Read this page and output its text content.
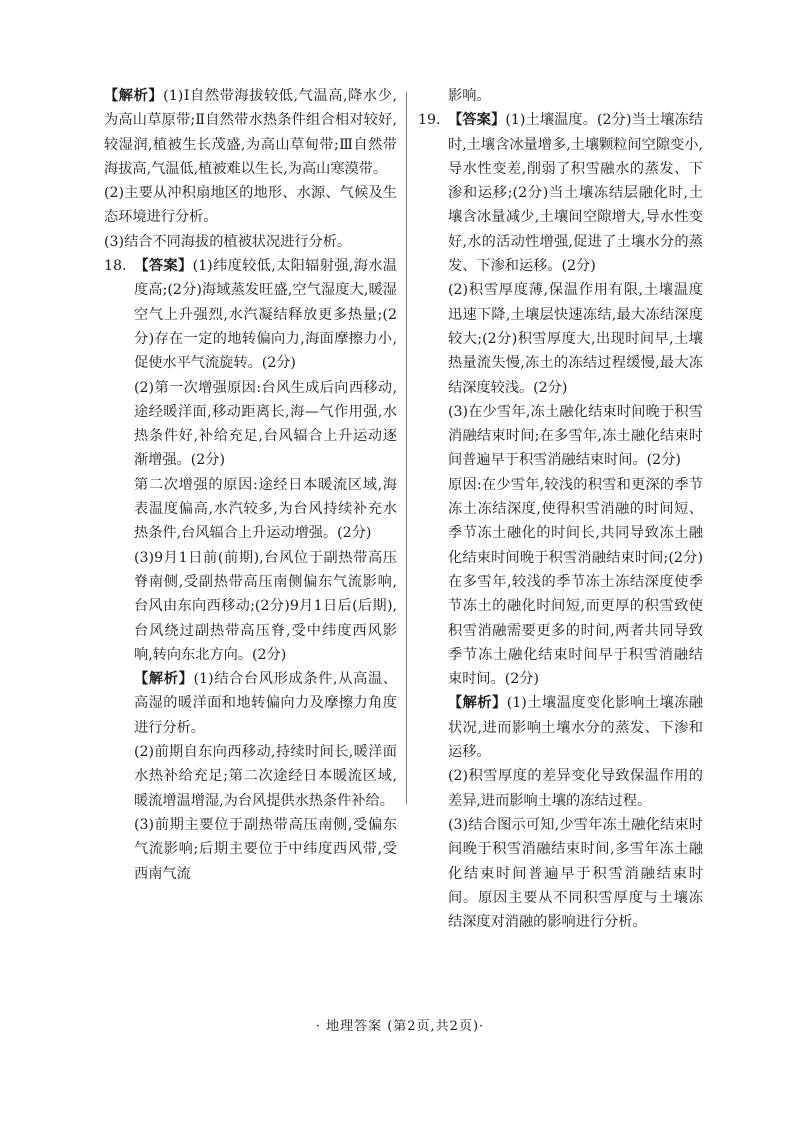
【解析】(1)Ⅰ自然带海拔较低,气温高,降水少,为高山草原带;Ⅱ自然带水热条件组合相对较好,较湿润,植被生长茂盛,为高山草甸带;Ⅲ自然带海拔高,气温低,植被难以生长,为高山寒漠带。

(2)主要从冲积扇地区的地形、水源、气候及生态环境进行分析。

(3)结合不同海拔的植被状况进行分析。

18. 【答案】(1)纬度较低,太阳辐射强,海水温度高;(2分)海域蒸发旺盛,空气湿度大,暖湿空气上升强烈,水汽凝结释放更多热量;(2分)存在一定的地转偏向力,海面摩擦力小,促使水平气流旋转。(2分)

(2)第一次增强原因:台风生成后向西移动,途经暖洋面,移动距离长,海—气作用强,水热条件好,补给充足,台风辐合上升运动逐渐增强。(2分)

第二次增强的原因:途经日本暖流区域,海表温度偏高,水汽较多,为台风持续补充水热条件,台风辐合上升运动增强。(2分)

(3)9月1日前(前期),台风位于副热带高压脊南侧,受副热带高压南侧偏东气流影响,台风由东向西移动;(2分)9月1日后(后期),台风绕过副热带高压脊,受中纬度西风影响,转向东北方向。(2分)

【解析】(1)结合台风形成条件,从高温、高湿的暖洋面和地转偏向力及摩擦力角度进行分析。

(2)前期自东向西移动,持续时间长,暖洋面水热补给充足;第二次途经日本暖流区域,暖流增温增湿,为台风提供水热条件补给。

(3)前期主要位于副热带高压南侧,受偏东气流影响;后期主要位于中纬度西风带,受西南气流

影响。

19. 【答案】(1)土壤温度。(2分)当土壤冻结时,土壤含冰量增多,土壤颗粒间空隙变小,导水性变差,削弱了积雪融水的蒸发、下渗和运移;(2分)当土壤冻结层融化时,土壤含冰量减少,土壤间空隙增大,导水性变好,水的活动性增强,促进了土壤水分的蒸发、下渗和运移。(2分)

(2)积雪厚度薄,保温作用有限,土壤温度迅速下降,土壤层快速冻结,最大冻结深度较大;(2分)积雪厚度大,出现时间早,土壤热量流失慢,冻土的冻结过程缓慢,最大冻结深度较浅。(2分)

(3)在少雪年,冻土融化结束时间晚于积雪消融结束时间;在多雪年,冻土融化结束时间普遍早于积雪消融结束时间。(2分)

原因:在少雪年,较浅的积雪和更深的季节冻土冻结深度,使得积雪消融的时间短、季节冻土融化的时间长,共同导致冻土融化结束时间晚于积雪消融结束时间;(2分)在多雪年,较浅的季节冻土冻结深度使季节冻土的融化时间短,而更厚的积雪致使积雪消融需要更多的时间,两者共同导致季节冻土融化结束时间早于积雪消融结束时间。(2分)

【解析】(1)土壤温度变化影响土壤冻融状况,进而影响土壤水分的蒸发、下渗和运移。

(2)积雪厚度的差异变化导致保温作用的差异,进而影响土壤的冻结过程。

(3)结合图示可知,少雪年冻土融化结束时间晚于积雪消融结束时间,多雪年冻土融化结束时间普遍早于积雪消融结束时间。原因主要从不同积雪厚度与土壤冻结深度对消融的影响进行分析。

· 地理答案 (第2页,共2页)·
